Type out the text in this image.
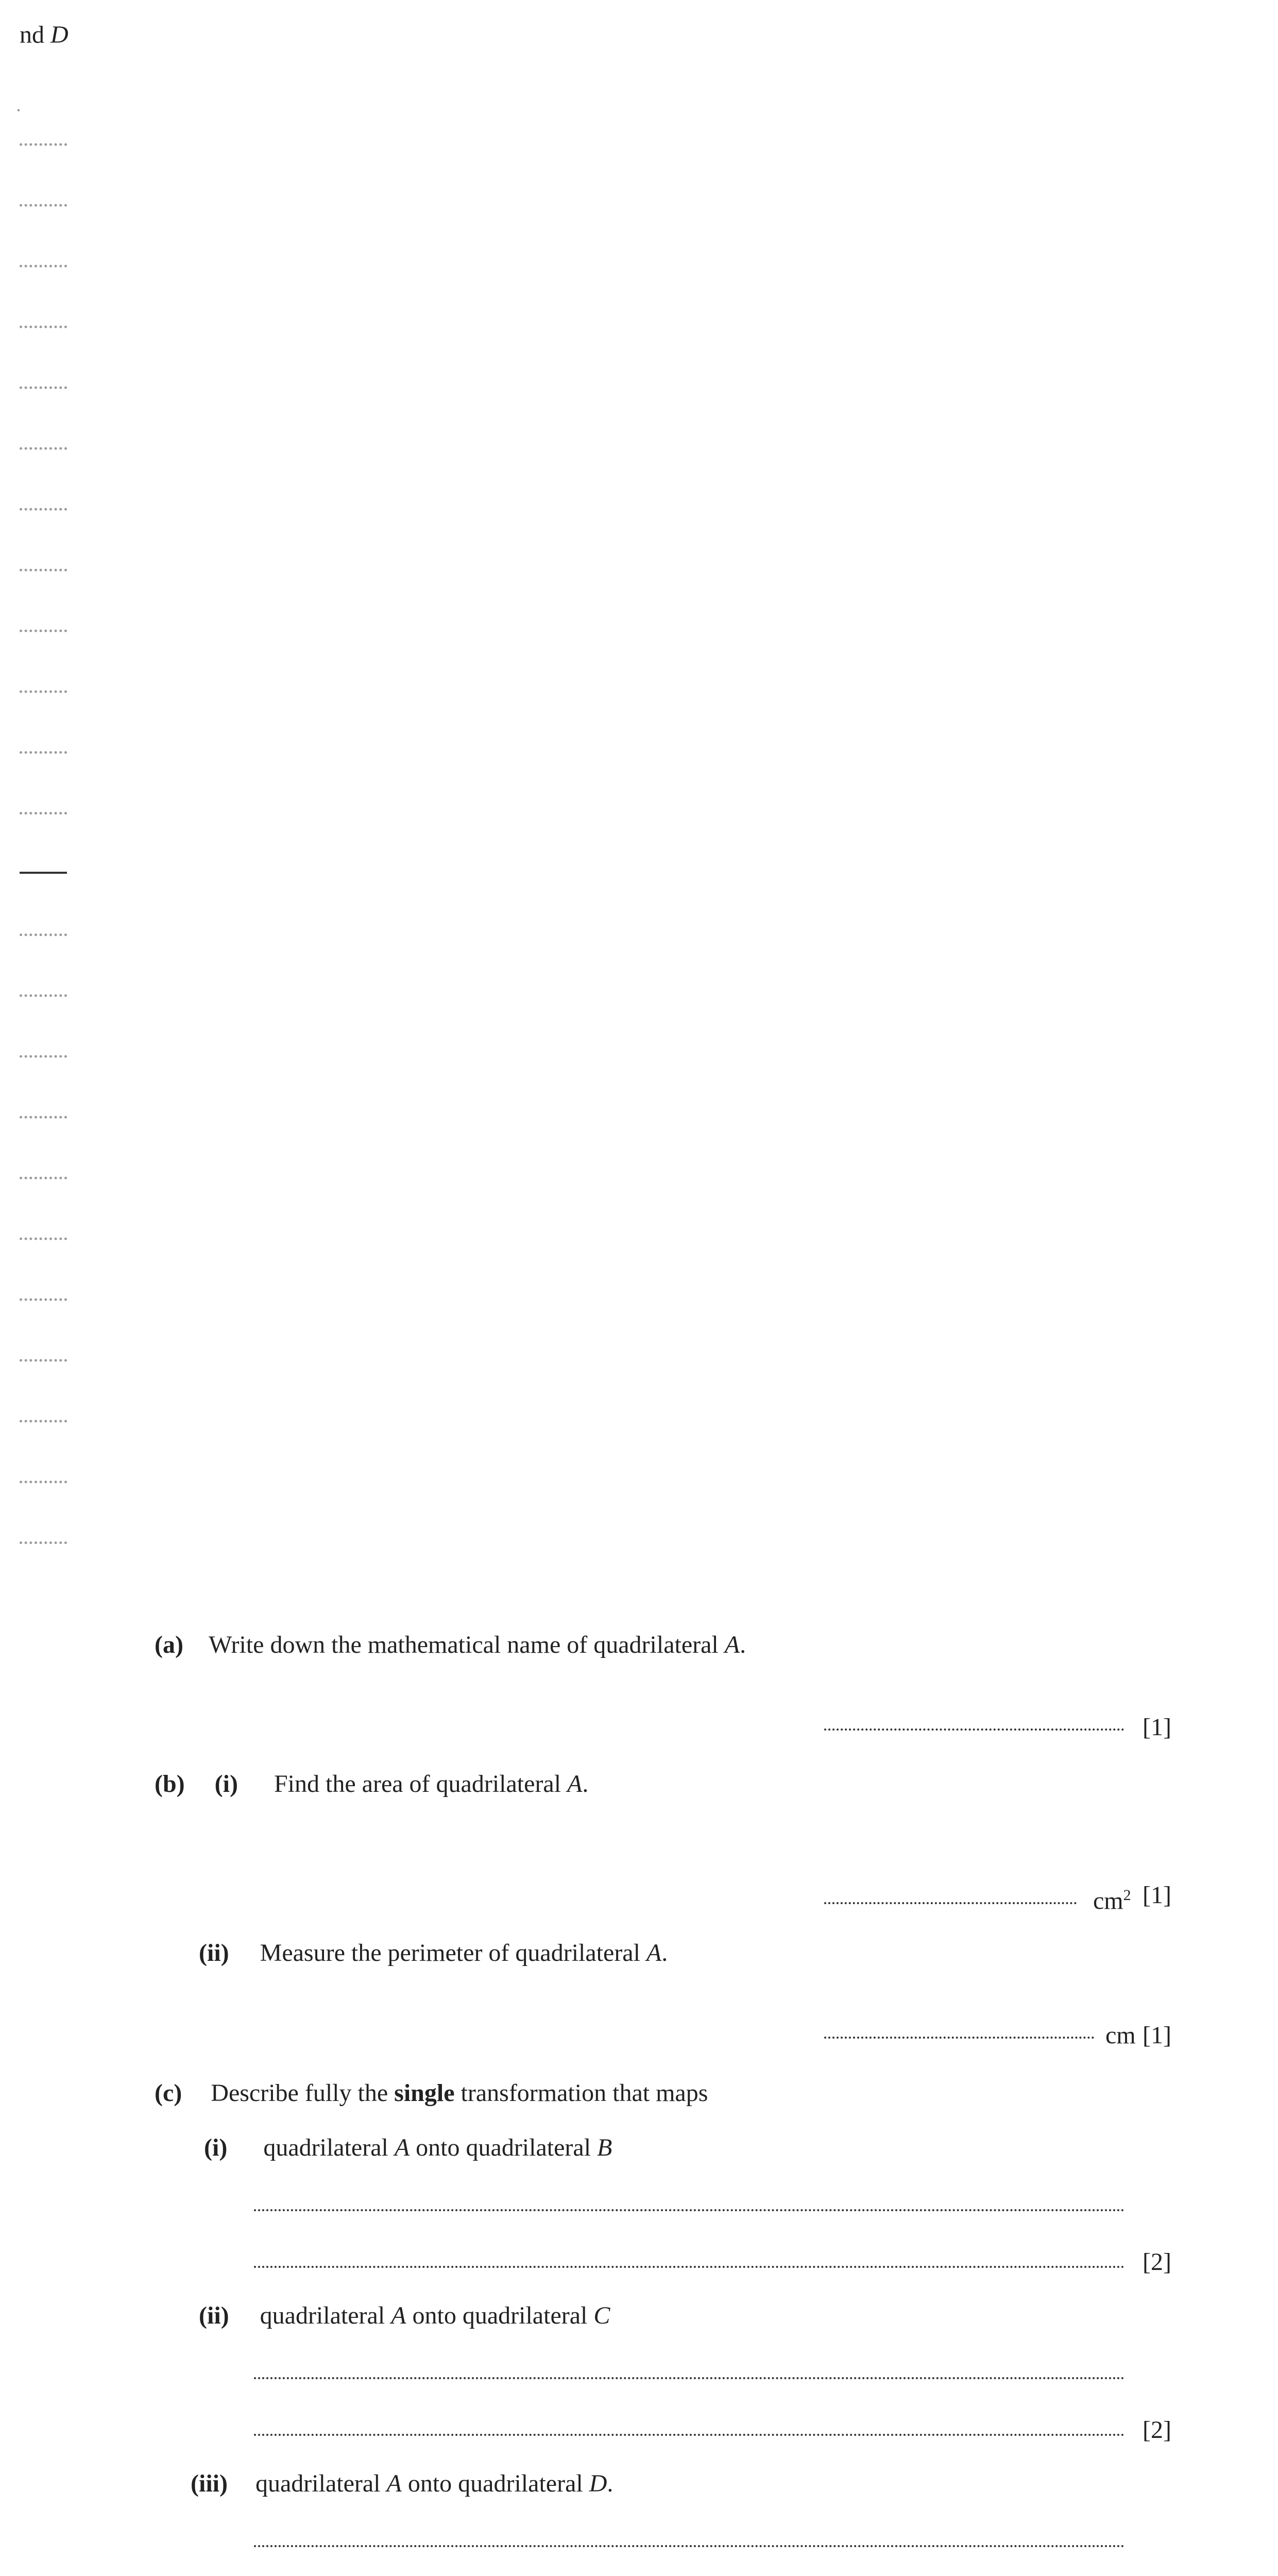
nd D
(a) Write down the mathematical name of quadrilateral A.
[1]
(b) (i) Find the area of quadrilateral A.
$cm^2$ [1]
(ii) Measure the perimeter of quadrilateral A.
cm [1]
(c) Describe fully the single transformation that maps
(i) quadrilateral A onto quadrilateral B
[2]
(ii) quadrilateral A onto quadrilateral C
[2]
(iii) quadrilateral A onto quadrilateral D.
